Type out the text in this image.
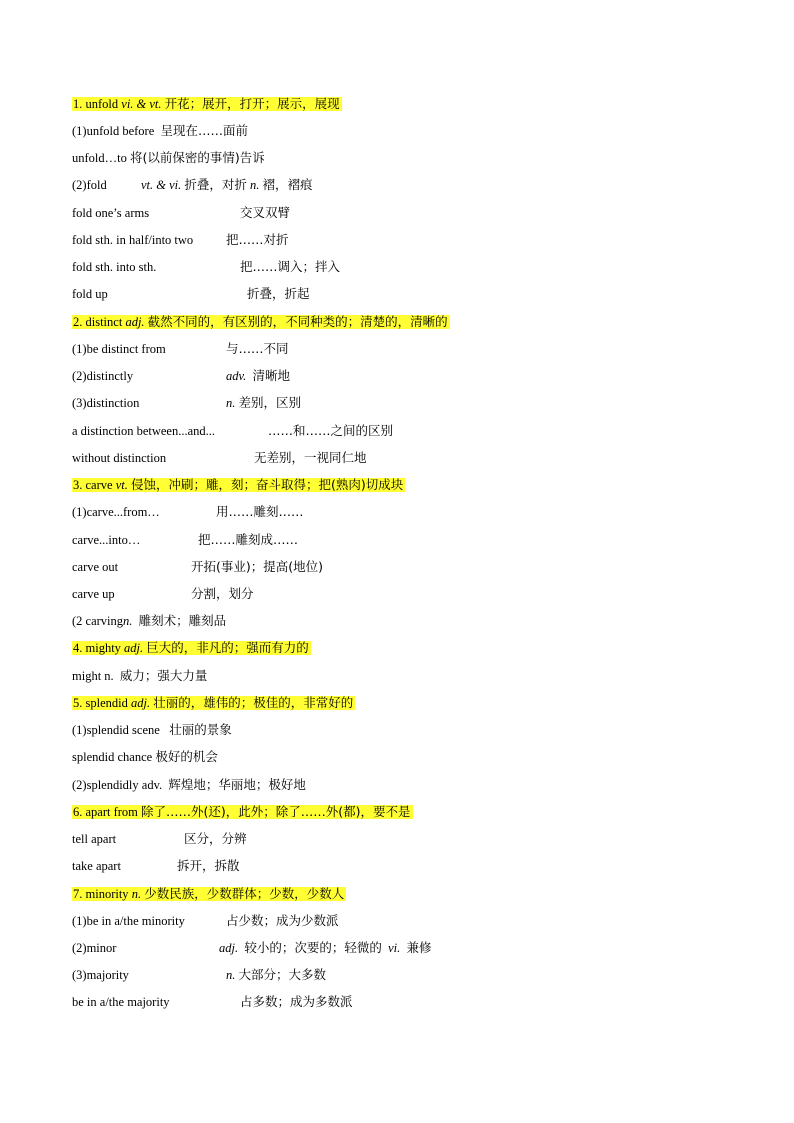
1. unfold vi. & vt. 开花；展开，打开；展示，展现
(1)unfold before 呈现在……面前
unfold…to 将(以前保密的事情)告诉
(2)fold	vt. & vi. 折叠，对折 n. 褶，褶痕
fold one’s arms	交叉双臂
fold sth. in half/into two	把……对折
fold sth. into sth.	把……调入；拌入
fold up	折叠，折起
2. distinct adj. 截然不同的，有区别的，不同种类的；清楚的，清晰的
(1)be distinct from	与……不同
(2)distinctly	adv. 清晰地
(3)distinction	n. 差别，区别
a distinction between...and...	……和……之间的区别
without distinction	无差别，一视同仁地
3. carve vt. 侵蚀，冲刷；雕，刻；奋斗取得；把(熟肉)切成块
(1)carve...from…	用……雕刻……
carve...into…	把……雕刻成……
carve out	开拓(事业)；提高(地位)
carve up	分割，划分
(2 carvingn. 雕刻术；雕刻品
4. mighty adj. 巨大的，非凡的；强而有力的
might n. 威力；强大力量
5. splendid adj. 壮丽的，雄伟的；极佳的，非常好的
(1)splendid scene 壮丽的景象
splendid chance 极好的机会
(2)splendidly adv. 辉煌地；华丽地；极好地
6. apart from 除了……外(还)，此外；除了……外(都)，要不是
tell apart	区分，分辨
take apart	拆开，拆散
7. minority n. 少数民族，少数群体；少数，少数人
(1)be in a/the minority	占少数；成为少数派
(2)minor	adj. 较小的；次要的；轻微的 vi. 兼修
(3)majority	n. 大部分；大多数
be in a/the majority	占多数；成为多数派
